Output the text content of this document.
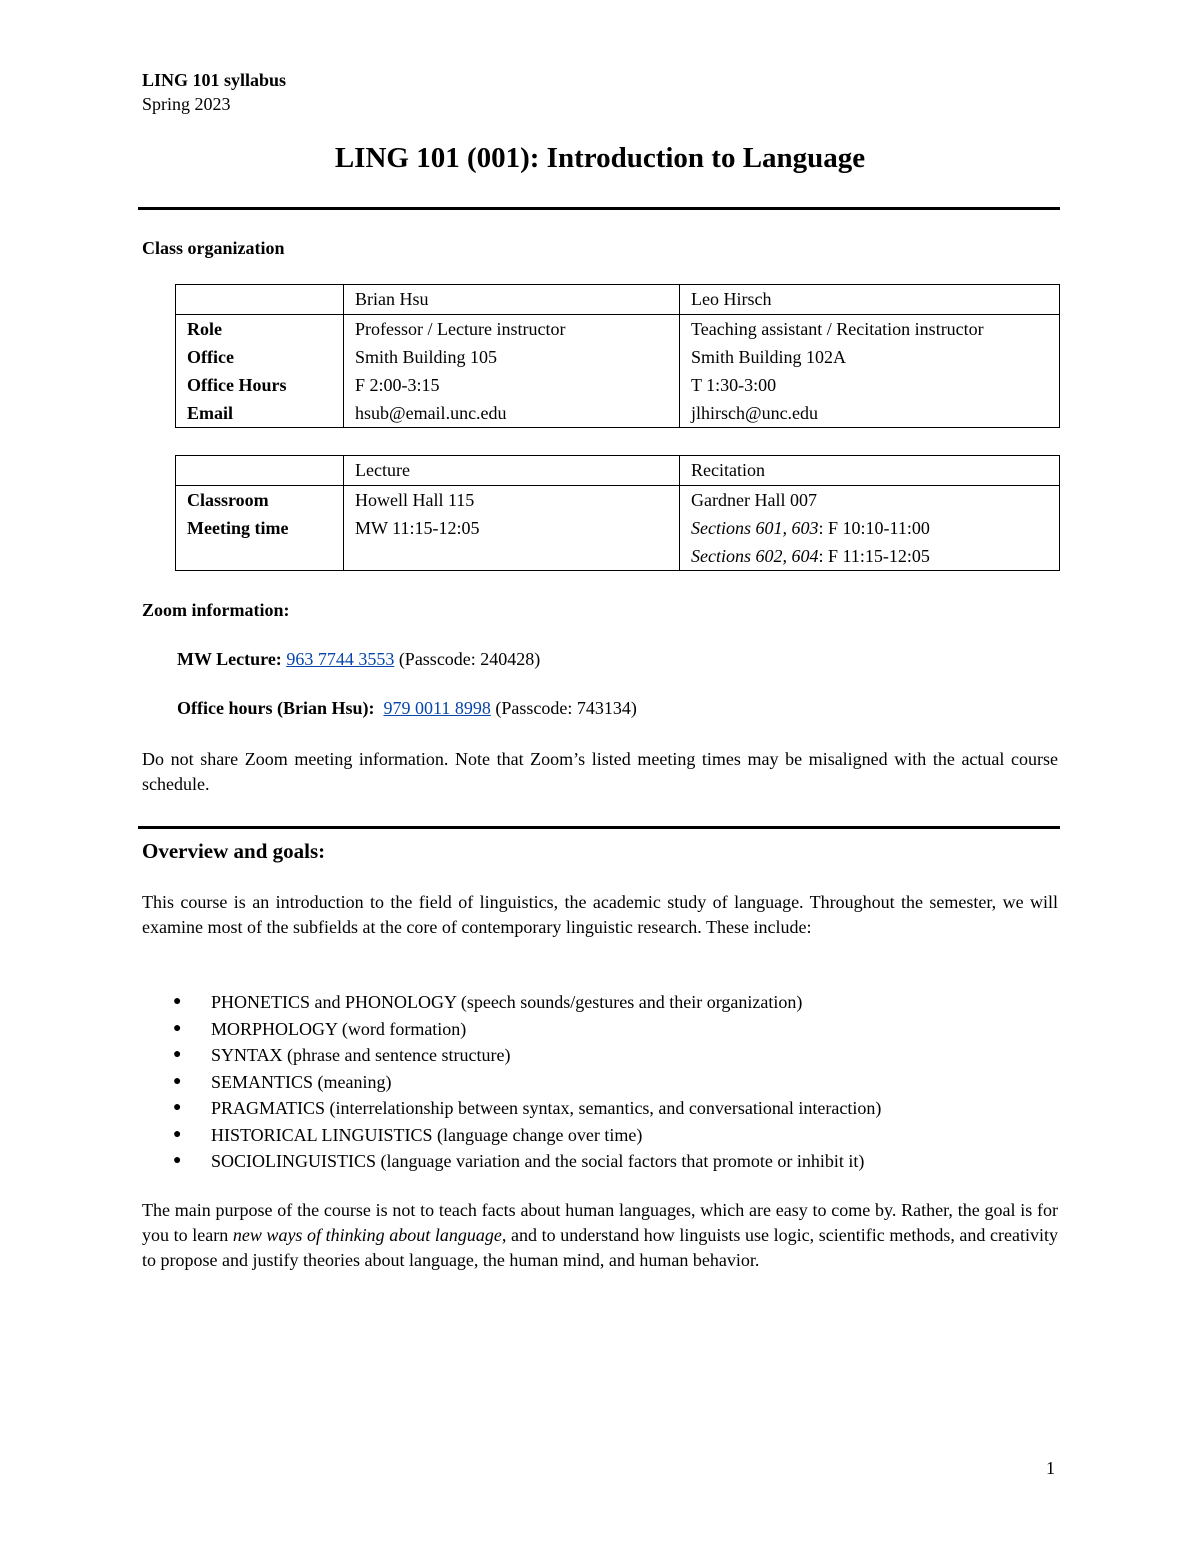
LING 101 syllabus
Spring 2023
LING 101 (001): Introduction to Language
Class organization
	Brian Hsu	Leo Hirsch
Role	Professor / Lecture instructor	Teaching assistant / Recitation instructor
Office	Smith Building 105	Smith Building 102A
Office Hours	F 2:00-3:15	T 1:30-3:00
Email	hsub@email.unc.edu	jlhirsch@unc.edu
	Lecture	Recitation
Classroom	Howell Hall 115	Gardner Hall 007
Meeting time	MW 11:15-12:05	Sections 601, 603: F 10:10-11:00
		Sections 602, 604: F 11:15-12:05
Zoom information:
MW Lecture: 963 7744 3553 (Passcode: 240428)
Office hours (Brian Hsu): 979 0011 8998 (Passcode: 743134)
Do not share Zoom meeting information. Note that Zoom’s listed meeting times may be misaligned with the actual course schedule.
Overview and goals:
This course is an introduction to the field of linguistics, the academic study of language. Throughout the semester, we will examine most of the subfields at the core of contemporary linguistic research. These include:
● PHONETICS and PHONOLOGY (speech sounds/gestures and their organization)
● MORPHOLOGY (word formation)
● SYNTAX (phrase and sentence structure)
● SEMANTICS (meaning)
● PRAGMATICS (interrelationship between syntax, semantics, and conversational interaction)
● HISTORICAL LINGUISTICS (language change over time)
● SOCIOLINGUISTICS (language variation and the social factors that promote or inhibit it)
The main purpose of the course is not to teach facts about human languages, which are easy to come by. Rather, the goal is for you to learn new ways of thinking about language, and to understand how linguists use logic, scientific methods, and creativity to propose and justify theories about language, the human mind, and human behavior.
1
